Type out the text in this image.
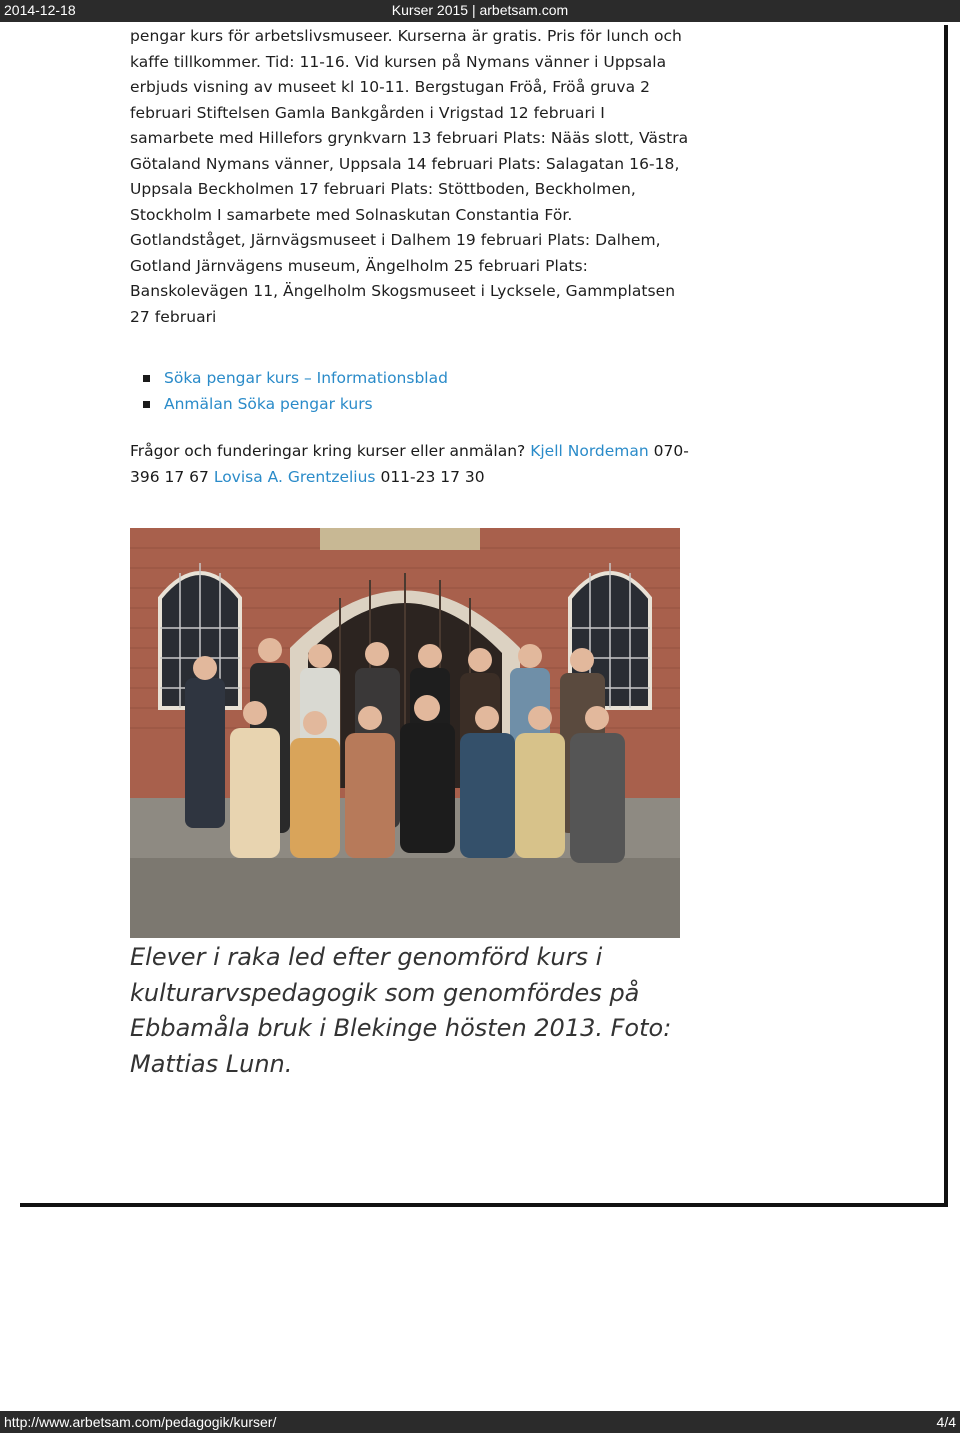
2014-12-18	Kurser 2015 | arbetsam.com

pengar kurs för arbetslivsmuseer. Kurserna är gratis. Pris för lunch och kaffe tillkommer. Tid: 11-16. Vid kursen på Nymans vänner i Uppsala erbjuds visning av museet kl 10-11. Bergstugan Fröå, Fröå gruva 2 februari Stiftelsen Gamla Bankgården i Vrigstad 12 februari I samarbete med Hillefors grynkvarn 13 februari Plats: Nääs slott, Västra Götaland Nymans vänner, Uppsala 14 februari Plats: Salagatan 16-18, Uppsala Beckholmen 17 februari Plats: Stöttboden, Beckholmen, Stockholm I samarbete med Solnaskutan Constantia För. Gotlandståget, Järnvägsmuseet i Dalhem 19 februari Plats: Dalhem, Gotland Järnvägens museum, Ängelholm 25 februari Plats: Banskolevägen 11, Ängelholm Skogsmuseet i Lycksele, Gammplatsen 27 februari

Söka pengar kurs – Informationsblad
Anmälan Söka pengar kurs

Frågor och funderingar kring kurser eller anmälan? Kjell Nordeman 070-396 17 67 Lovisa A. Grentzelius 011-23 17 30

Elever i raka led efter genomförd kurs i kulturarvspedagogik som genomfördes på Ebbamåla bruk i Blekinge hösten 2013. Foto: Mattias Lunn.
http://www.arbetsam.com/pedagogik/kurser/	4/4
